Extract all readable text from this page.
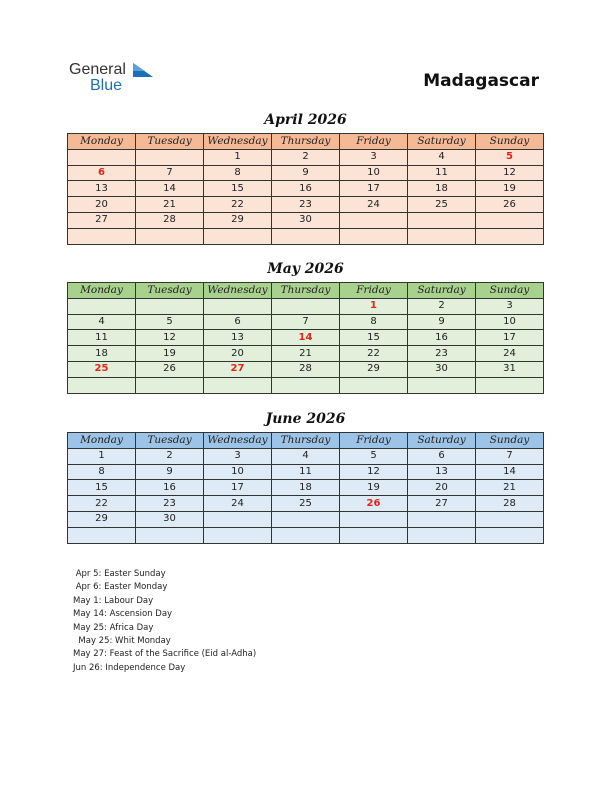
General
Blue	Madagascar
April 2026
Monday	Tuesday	Wednesday	Thursday	Friday	Saturday	Sunday
		1	2	3	4	5
6	7	8	9	10	11	12
13	14	15	16	17	18	19
20	21	22	23	24	25	26
27	28	29	30			

May 2026
Monday	Tuesday	Wednesday	Thursday	Friday	Saturday	Sunday
				1	2	3
4	5	6	7	8	9	10
11	12	13	14	15	16	17
18	19	20	21	22	23	24
25	26	27	28	29	30	31

June 2026
Monday	Tuesday	Wednesday	Thursday	Friday	Saturday	Sunday
1	2	3	4	5	6	7
8	9	10	11	12	13	14
15	16	17	18	19	20	21
22	23	24	25	26	27	28
29	30					

Apr 5: Easter Sunday
Apr 6: Easter Monday
May 1: Labour Day
May 14: Ascension Day
May 25: Africa Day
May 25: Whit Monday
May 27: Feast of the Sacrifice (Eid al-Adha)
Jun 26: Independence Day
